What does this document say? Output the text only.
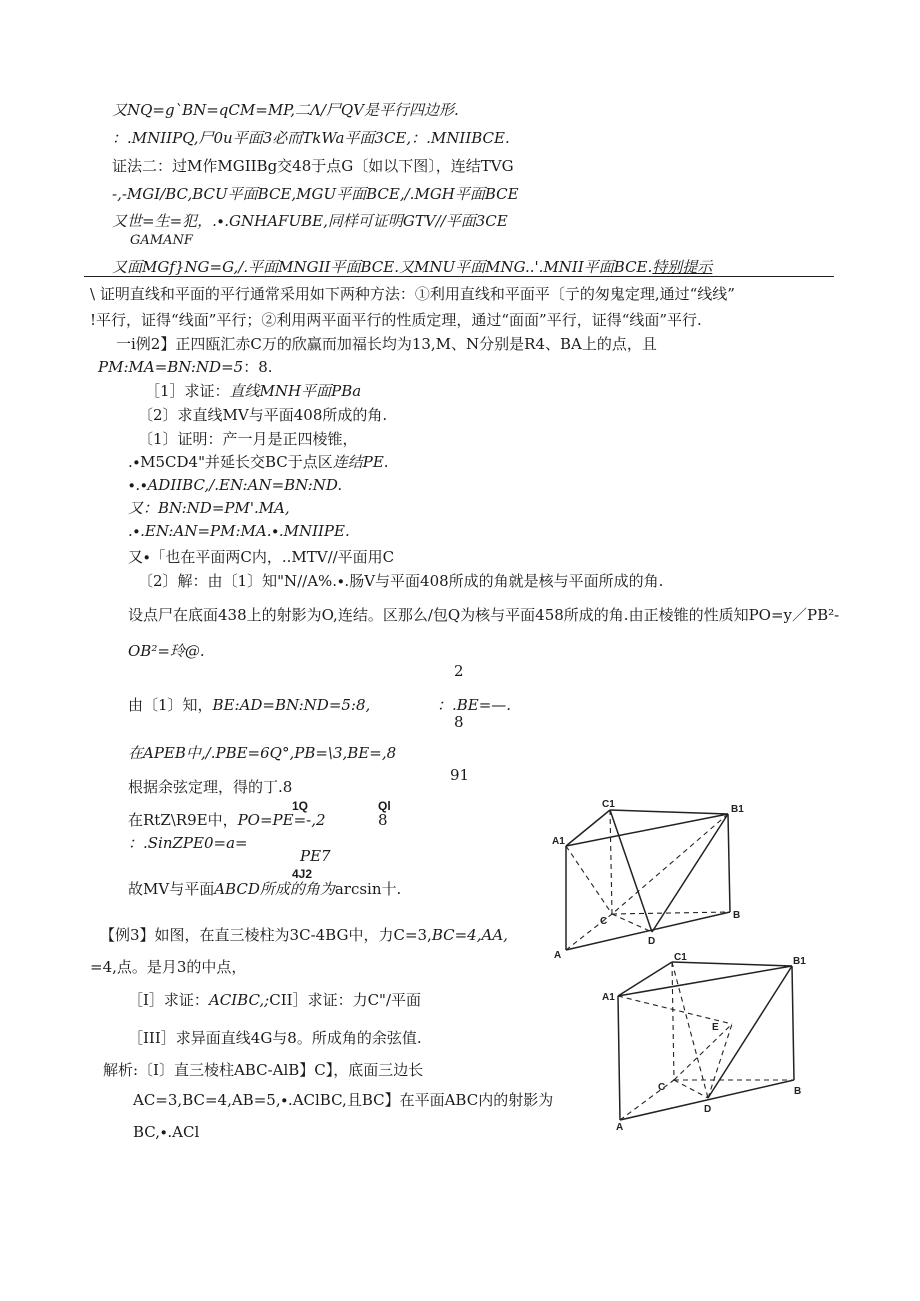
又NQ=g`BN=qCM=MP,二Λ/尸QV是平行四边形.
：.MNIIPQ,尸0u平面3必而TkWa平面3CE,：.MNIIBCE.
证法二：过M作MGIIBg交48于点G〔如以下图〕，连结TVG
-,-MGI/BC,BCU平面BCE,MGU平面BCE,/.MGH平面BCE
又世=生=犯，.∙.GNHAFUBE,同样可证明GTV//平面3CE
GAMANF
又面MGf}NG=G,/.平面MNGII平面BCE.又MNU平面MNG..'.MNII平面BCE.特别提示
\ 证明直线和平面的平行通常采用如下两种方法：①利用直线和平面平〔亍的匆鬼定理,通过“线线”
!平行，证得“线面”平行；②利用两平面平行的性质定理，通过“面面”平行，证得“线面”平行.
一i例2】正四瓯汇赤C万的欣赢而加福长均为13,M、N分别是R4、BA上的点，且
PM:MA=BN:ND=5：8.
［1］求证：直线MNH平面PBa
〔2〕求直线MV与平面408所成的角.
〔1〕证明：产一月是正四棱锥，
.∙M5CD4"并延长交BC于点区连结PE.
∙.∙ADIIBC,/.EN:AN=BN:ND.
又：BN:ND=PM'.MA,
.∙.EN:AN=PM:MA.∙.MNIIPE.
又∙「也在平面两C内，..MTV//平面用C
〔2〕解：由〔1〕知"N∕∕A%.∙.肠V与平面408所成的角就是核与平面所成的角.
设点尸在底面438上的射影为O,连结。区那么/包Q为核与平面458所成的角.由正棱锥的性质知PO=y／PB²-
OB²=玲@.
2
由〔1〕知，BE:AD=BN:ND=5:8,	：.BE=—.
8
在APEB中,/.PBE=6Q°,PB=\3,BE=,8
根据余弦定理，得的丁.8
91
1Q	Ql
在RtZ\R9E中，PO=PE=-,2	8
：.SinZPE0=a=
PE7
4J2
故MV与平面ABCD所成的角为arcsin十.
【例3】如图，在直三棱柱为3C-4BG中，力C=3,BC=4,AA,
=4,点。是月3的中点，
［I］求证：ACIBC,;CII］求证：力C"/平面
［III］求异面直线4G与8。所成角的余弦值.
解析:〔I〕直三棱柱ABC-AlB】C】，底面三边长
AC=3,BC=4,AB=5,∙.AClBC,且BC】在平面ABC内的射影为
BC,∙.ACl
C1	B1
A1
C
A
D
B
C1	B1
A1
E
C
A
D
B
